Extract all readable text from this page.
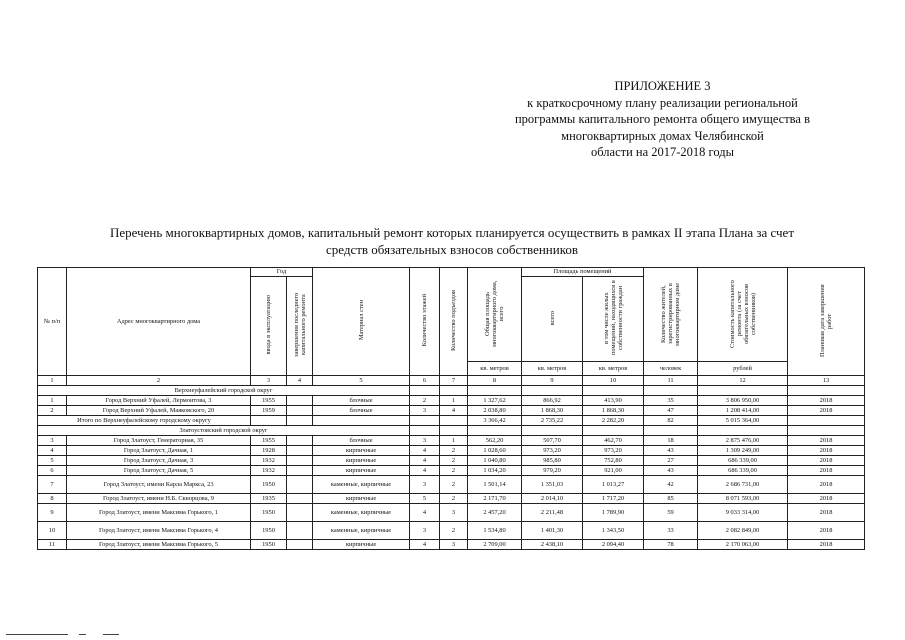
ПРИЛОЖЕНИЕ 3
к краткосрочному плану реализации региональной
программы капитального ремонта общего имущества в
многоквартирных домах Челябинской
области на 2017-2018 годы
Перечень многоквартирных домов, капитальный ремонт которых планируется осуществить в рамках II этапа Плана за счет
средств обязательных взносов собственников
№ п/п	Адрес многоквартирного дома	Год		Материал стен	Количество этажей	Количество подъездов	Общая площадь многоквартирного дома, всего	Площадь помещений		Количество жителей, зарегистрированных в многоквартирном доме	Стоимость капитального ремонта (за счет обязательных взносов собственников)	Плановая дата завершения работ
		ввода в эксплуатацию	завершения последнего капитального ремонта					всего	в том числе жилых помещений, находящихся в собственности граждан			
							кв. метров	кв. метров	кв. метров	человек	рублей	
1	2	3	4	5	6	7	8	9	10	11	12	13
Верхнеуфалейский городской округ												
1	Город Верхний Уфалей, Лермонтова, 3	1955		блочные	2	1	1 327,62	866,92	413,90	35	3 806 950,00	2018
2	Город Верхний Уфалей, Маяковского, 20	1959		блочные	3	4	2 038,80	1 868,30	1 868,30	47	1 208 414,00	2018
Итого по Верхнеуфалейскому городскому округу							3 366,42	2 735,22	2 282,20	82	5 015 364,00	
Златоустовский городской округ												
3	Город Златоуст, Генераторная, 35	1955		блочные	3	1	562,20	507,70	462,70	18	2 875 476,00	2018
4	Город Златоуст, Дачная, 1	1928		кирпичные	4	2	1 028,60	973,20	973,20	43	1 309 249,00	2018
5	Город Златоуст, Дачная, 3	1932		кирпичные	4	2	1 040,80	985,80	752,80	27	686 339,00	2018
6	Город Златоуст, Дачная, 5	1932		кирпичные	4	2	1 034,20	979,20	921,00	43	686 339,00	2018
7	Город Златоуст, имени Карла Маркса, 23	1950		каменные, кирпичные	3	2	1 501,14	1 351,03	1 013,27	42	2 686 731,00	2018
8	Город Златоуст, имени Н.Б. Скворцова, 9	1935		кирпичные	5	2	2 171,70	2 014,10	1 717,20	85	8 071 593,00	2018
9	Город Златоуст, имени Максима Горького, 1	1950		каменные, кирпичные	4	3	2 457,20	2 211,48	1 789,90	59	9 033 314,00	2018
10	Город Златоуст, имени Максима Горького, 4	1950		каменные, кирпичные	3	2	1 534,80	1 401,30	1 343,50	33	2 082 849,00	2018
11	Город Златоуст, имени Максима Горького, 5	1950		кирпичные	4	3	2 709,00	2 438,10	2 094,40	78	2 170 063,00	2018
